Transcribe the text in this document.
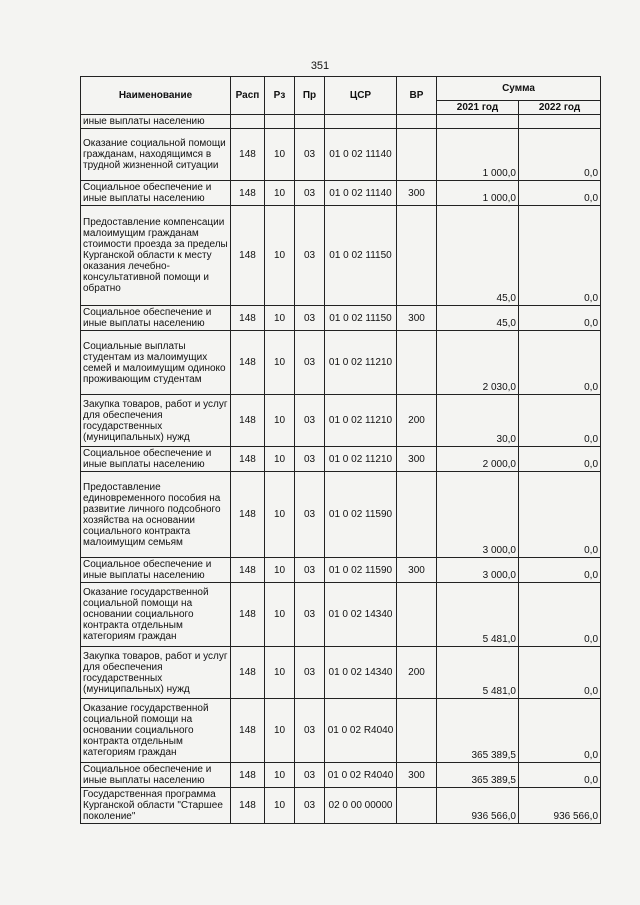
351
Наименование	Расп	Рз	Пр	ЦСР	ВР	Сумма	
						2021 год	2022 год
иные выплаты населению							
Оказание социальной помощи гражданам, находящимся в трудной жизненной ситуации	148	10	03	01 0 02 11140		1 000,0	0,0
Социальное обеспечение и иные выплаты населению	148	10	03	01 0 02 11140	300	1 000,0	0,0
Предоставление компенсации малоимущим гражданам стоимости проезда за пределы Курганской области к месту оказания лечебно-консультативной помощи и обратно	148	10	03	01 0 02 11150		45,0	0,0
Социальное обеспечение и иные выплаты населению	148	10	03	01 0 02 11150	300	45,0	0,0
Социальные выплаты студентам из малоимущих семей и малоимущим одиноко проживающим студентам	148	10	03	01 0 02 11210		2 030,0	0,0
Закупка товаров, работ и услуг для обеспечения государственных (муниципальных) нужд	148	10	03	01 0 02 11210	200	30,0	0,0
Социальное обеспечение и иные выплаты населению	148	10	03	01 0 02 11210	300	2 000,0	0,0
Предоставление единовременного пособия на развитие личного подсобного хозяйства на основании социального контракта малоимущим семьям	148	10	03	01 0 02 11590		3 000,0	0,0
Социальное обеспечение и иные выплаты населению	148	10	03	01 0 02 11590	300	3 000,0	0,0
Оказание государственной социальной помощи на основании социального контракта отдельным категориям граждан	148	10	03	01 0 02 14340		5 481,0	0,0
Закупка товаров, работ и услуг для обеспечения государственных (муниципальных) нужд	148	10	03	01 0 02 14340	200	5 481,0	0,0
Оказание государственной социальной помощи на основании социального контракта отдельным категориям граждан	148	10	03	01 0 02 R4040		365 389,5	0,0
Социальное обеспечение и иные выплаты населению	148	10	03	01 0 02 R4040	300	365 389,5	0,0
Государственная программа Курганской области "Старшее поколение"	148	10	03	02 0 00 00000		936 566,0	936 566,0
